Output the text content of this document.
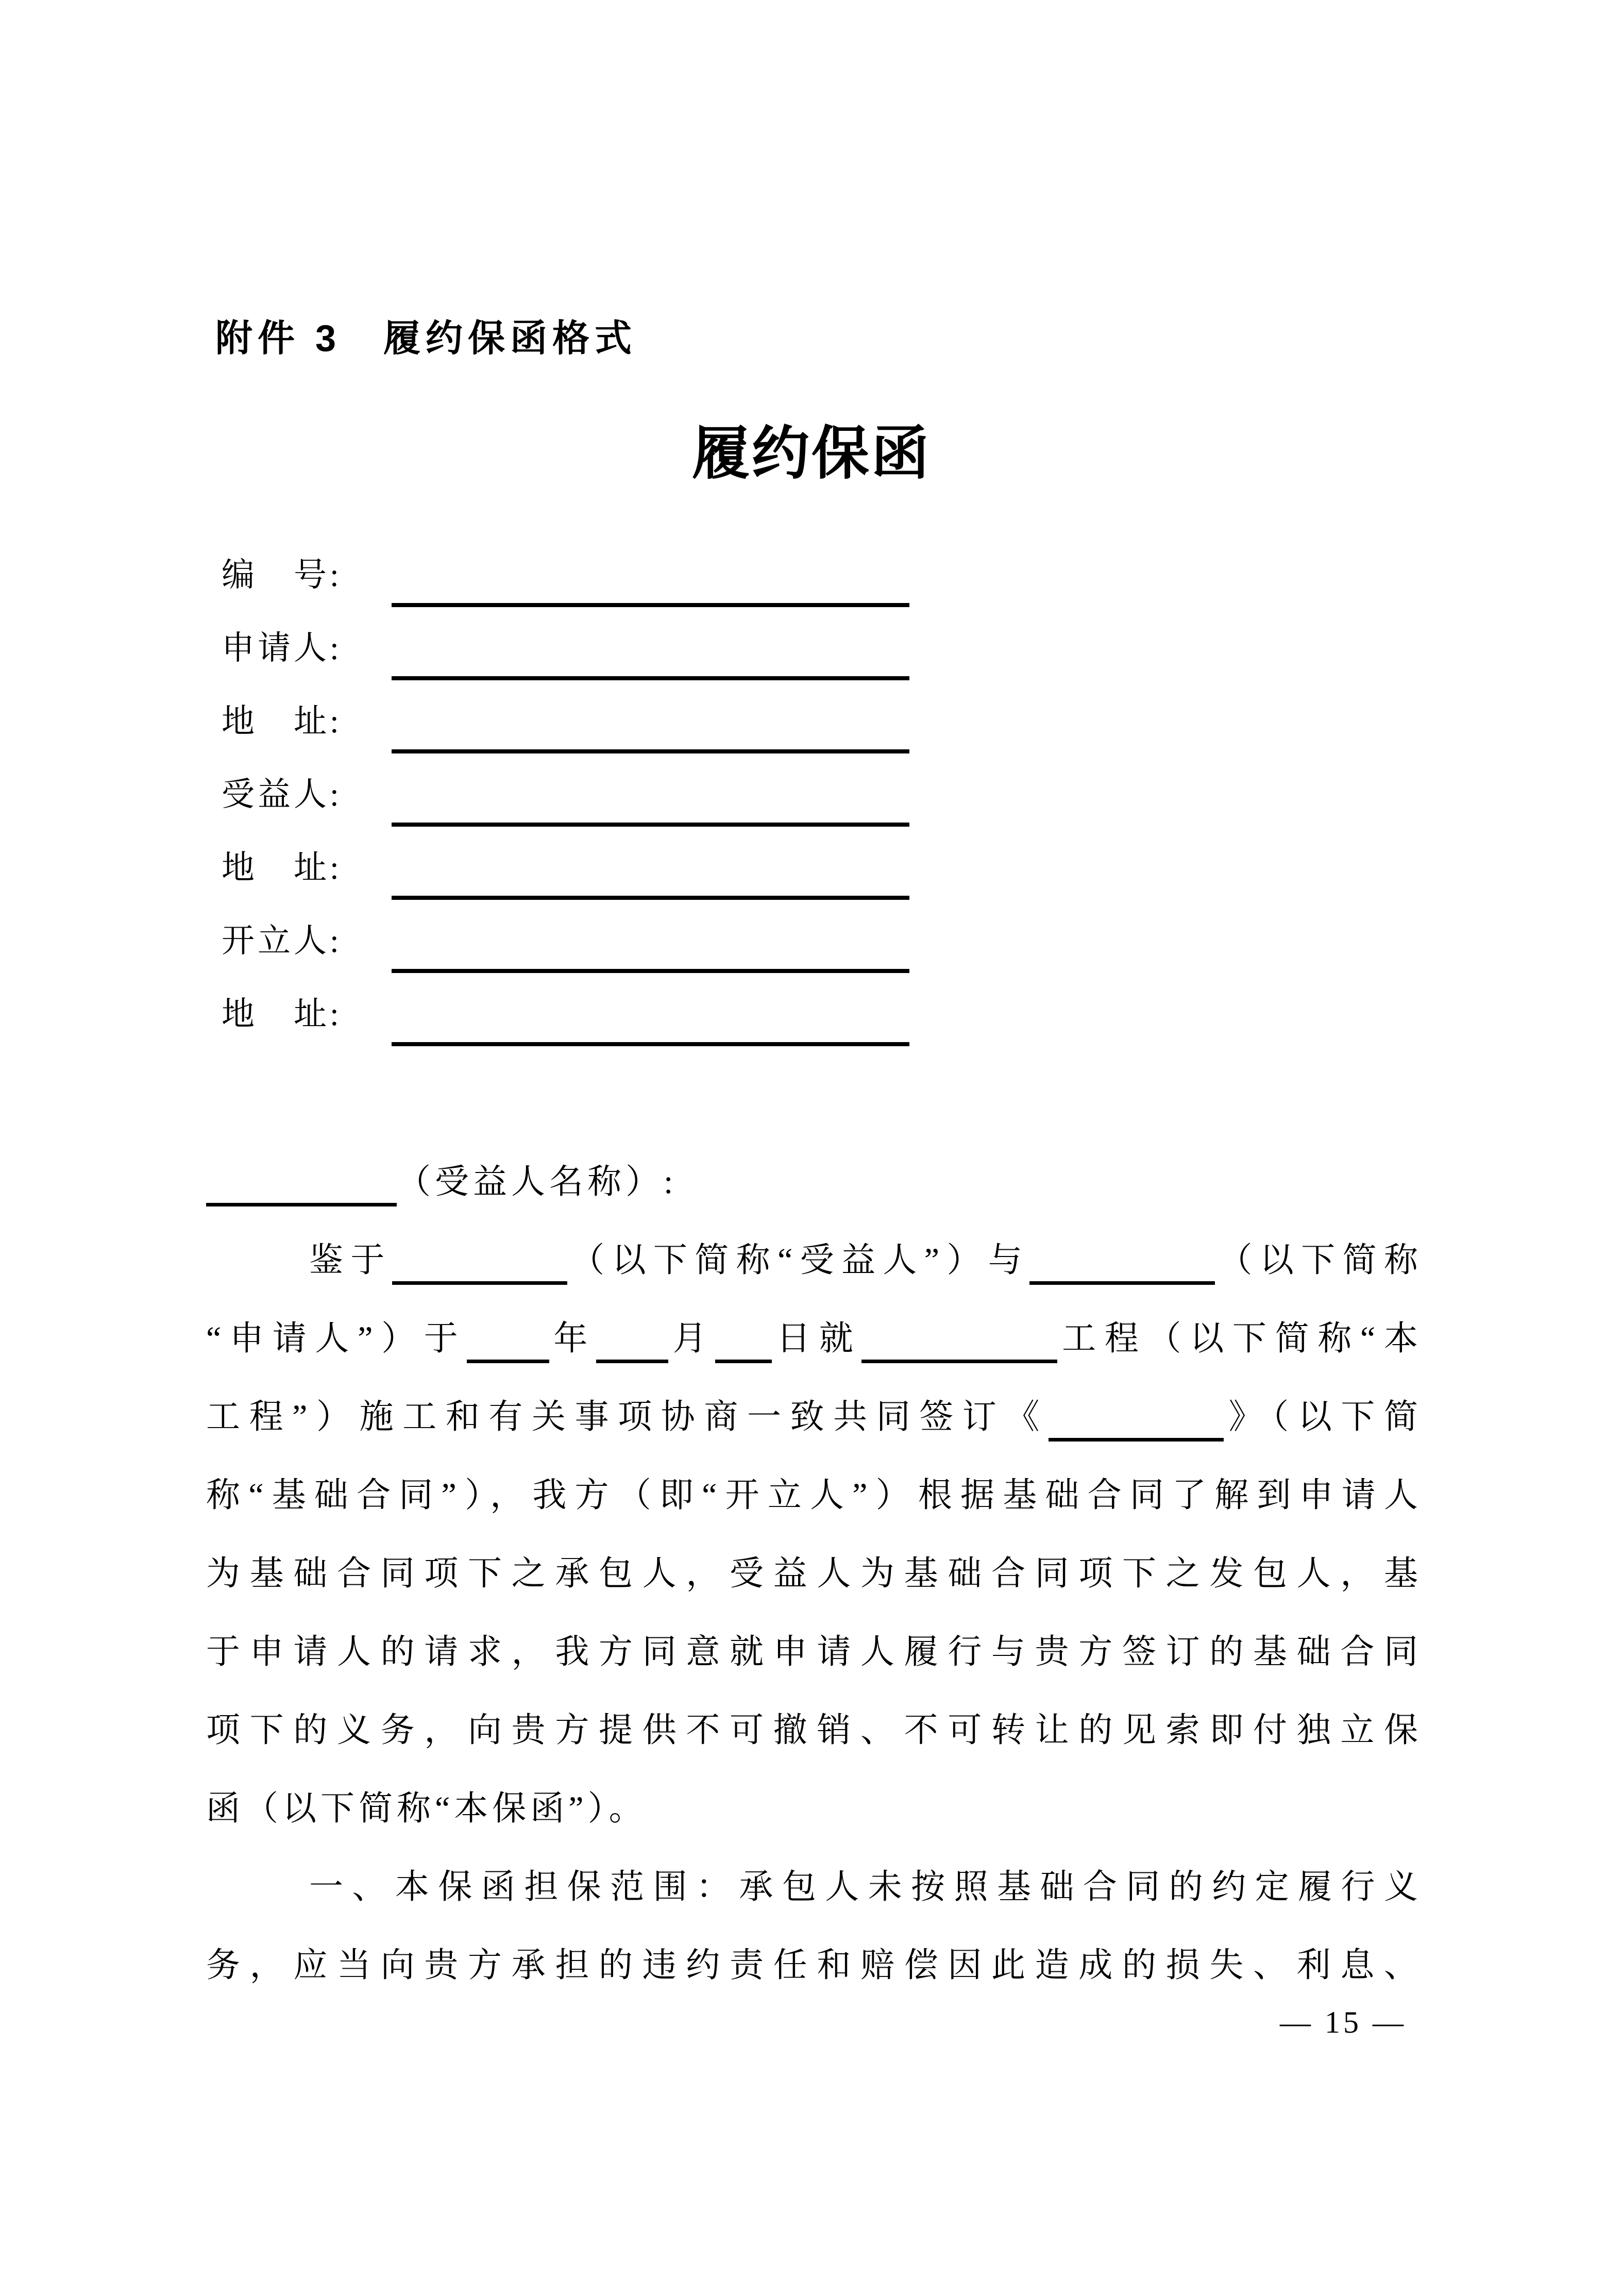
附件 3　履约保函格式
履约保函
编　号:
申请人:
地　址:
受益人:
地　址:
开立人:
地　址:
（受益人名称）:
鉴于	（以下简称“受益人”）与	（以下简称
“申请人”）于 年 月 日就	工程（以下简称“本
工程”）施工和有关事项协商一致共同签订《	》（以下简
称“基础合同”），我方（即“开立人”）根据基础合同了解到申请人
为基础合同项下之承包人，受益人为基础合同项下之发包人，基
于申请人的请求，我方同意就申请人履行与贵方签订的基础合同
项下的义务，向贵方提供不可撤销、不可转让的见索即付独立保
函（以下简称“本保函”）。
一、本保函担保范围：承包人未按照基础合同的约定履行义
务，应当向贵方承担的违约责任和赔偿因此造成的损失、利息、
— 15 —
